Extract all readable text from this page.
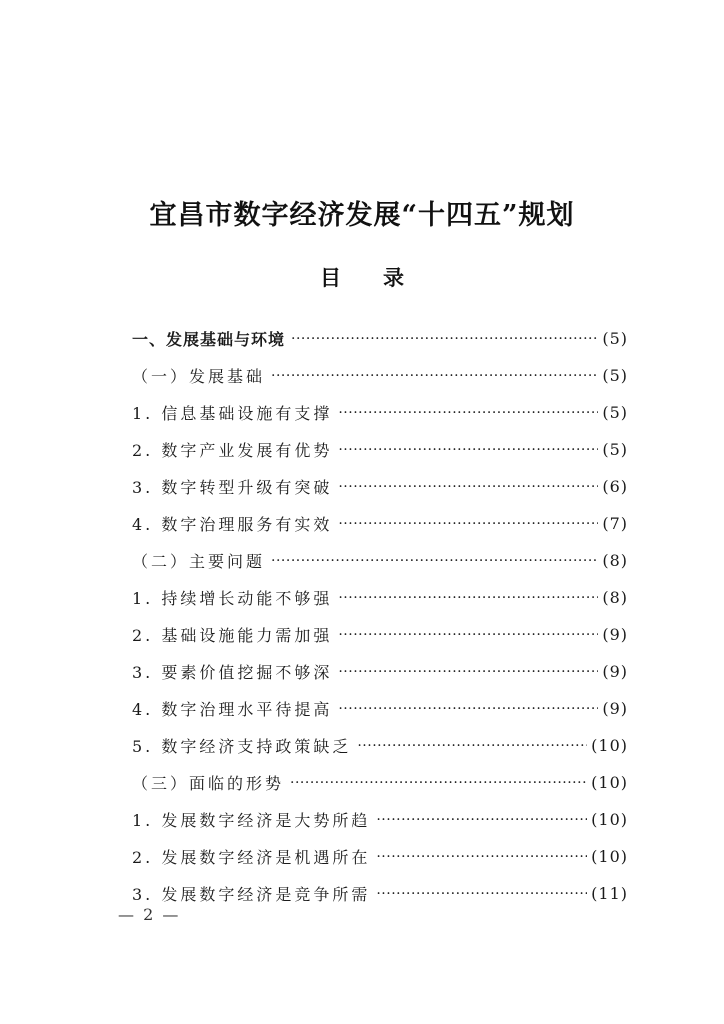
宜昌市数字经济发展“十四五”规划
目 录
一、发展基础与环境 ·····	(5)
（一）发展基础 ·····	(5)
1. 信息基础设施有支撑 ·····	(5)
2. 数字产业发展有优势 ·····	(5)
3. 数字转型升级有突破 ·····	(6)
4. 数字治理服务有实效 ·····	(7)
（二）主要问题 ·····	(8)
1. 持续增长动能不够强 ·····	(8)
2. 基础设施能力需加强 ·····	(9)
3. 要素价值挖掘不够深 ·····	(9)
4. 数字治理水平待提高 ·····	(9)
5. 数字经济支持政策缺乏 ·····	(10)
（三）面临的形势 ·····	(10)
1. 发展数字经济是大势所趋 ·····	(10)
2. 发展数字经济是机遇所在 ·····	(10)
3. 发展数字经济是竞争所需 ·····	(11)
— 2 —
